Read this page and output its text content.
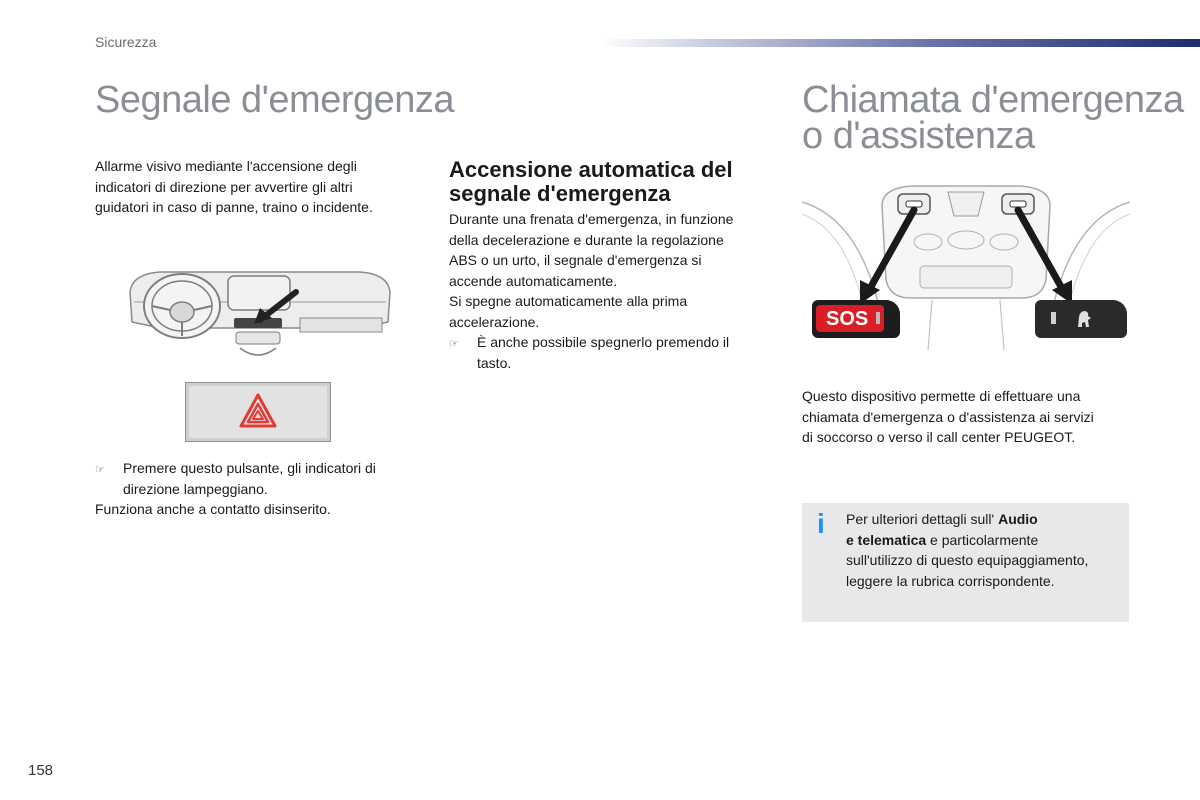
Sicurezza
Segnale d'emergenza
Allarme visivo mediante l'accensione degli
indicatori di direzione per avvertire gli altri
guidatori in caso di panne, traino o incidente.
☞	Premere questo pulsante, gli indicatori di
direzione lampeggiano.
Funziona anche a contatto disinserito.
Accensione automatica del
segnale d'emergenza
Durante una frenata d'emergenza, in funzione
della decelerazione e durante la regolazione
ABS o un urto, il segnale d'emergenza si
accende automaticamente.
Si spegne automaticamente alla prima
accelerazione.
☞	È anche possibile spegnerlo premendo il
tasto.
Chiamata d'emergenza
o d'assistenza
SOS
Questo dispositivo permette di effettuare una
chiamata d'emergenza o d'assistenza ai servizi
di soccorso o verso il call center PEUGEOT.
i Per ulteriori dettagli sull' Audio
e telematica e particolarmente
sull'utilizzo di questo equipaggiamento,
leggere la rubrica corrispondente.
158
